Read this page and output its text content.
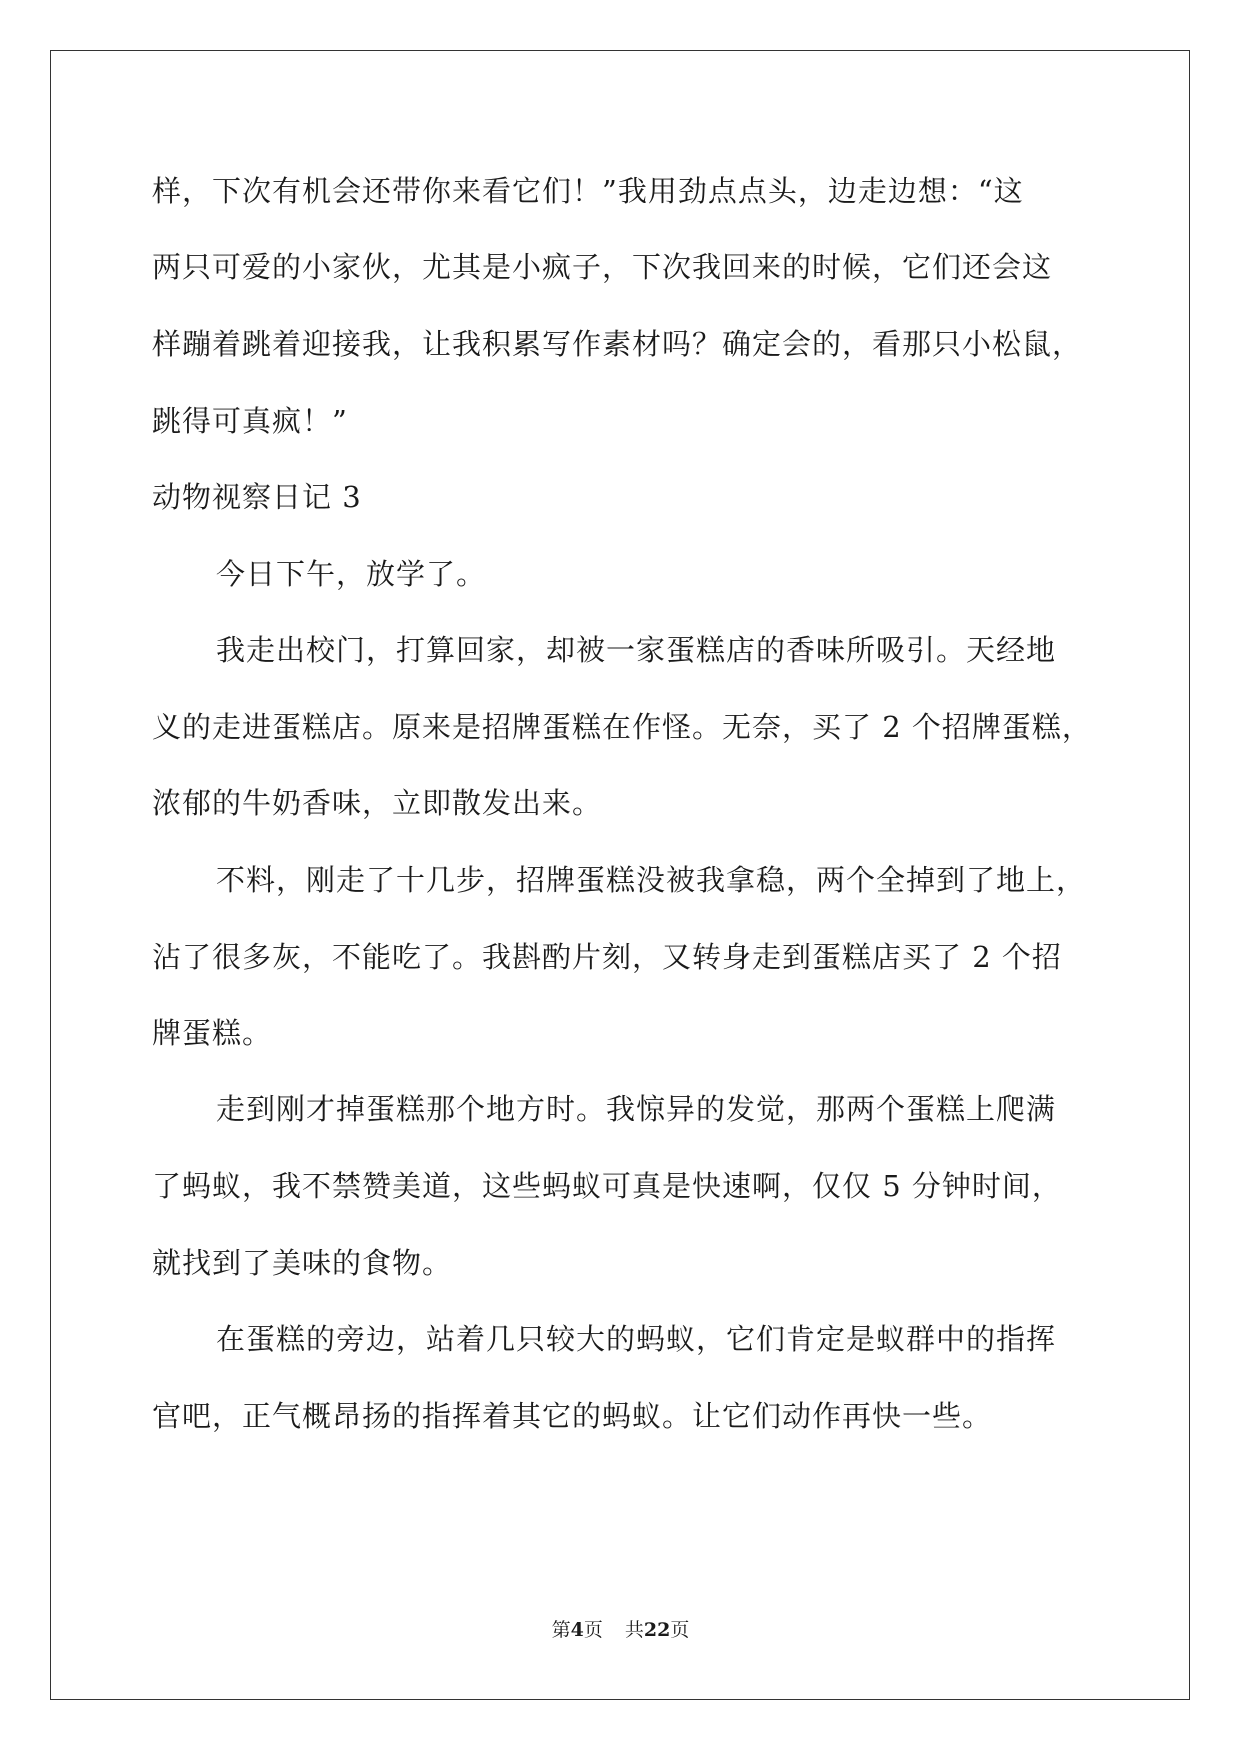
样，下次有机会还带你来看它们！”我用劲点点头，边走边想：“这
两只可爱的小家伙，尤其是小疯子，下次我回来的时候，它们还会这
样蹦着跳着迎接我，让我积累写作素材吗？确定会的，看那只小松鼠，
跳得可真疯！”
动物视察日记 3
今日下午，放学了。
我走出校门，打算回家，却被一家蛋糕店的香味所吸引。天经地
义的走进蛋糕店。原来是招牌蛋糕在作怪。无奈，买了 2 个招牌蛋糕，
浓郁的牛奶香味，立即散发出来。
不料，刚走了十几步，招牌蛋糕没被我拿稳，两个全掉到了地上，
沾了很多灰，不能吃了。我斟酌片刻，又转身走到蛋糕店买了 2 个招
牌蛋糕。
走到刚才掉蛋糕那个地方时。我惊异的发觉，那两个蛋糕上爬满
了蚂蚁，我不禁赞美道，这些蚂蚁可真是快速啊，仅仅 5 分钟时间，
就找到了美味的食物。
在蛋糕的旁边，站着几只较大的蚂蚁，它们肯定是蚁群中的指挥
官吧，正气概昂扬的指挥着其它的蚂蚁。让它们动作再快一些。
第4页 共22页
